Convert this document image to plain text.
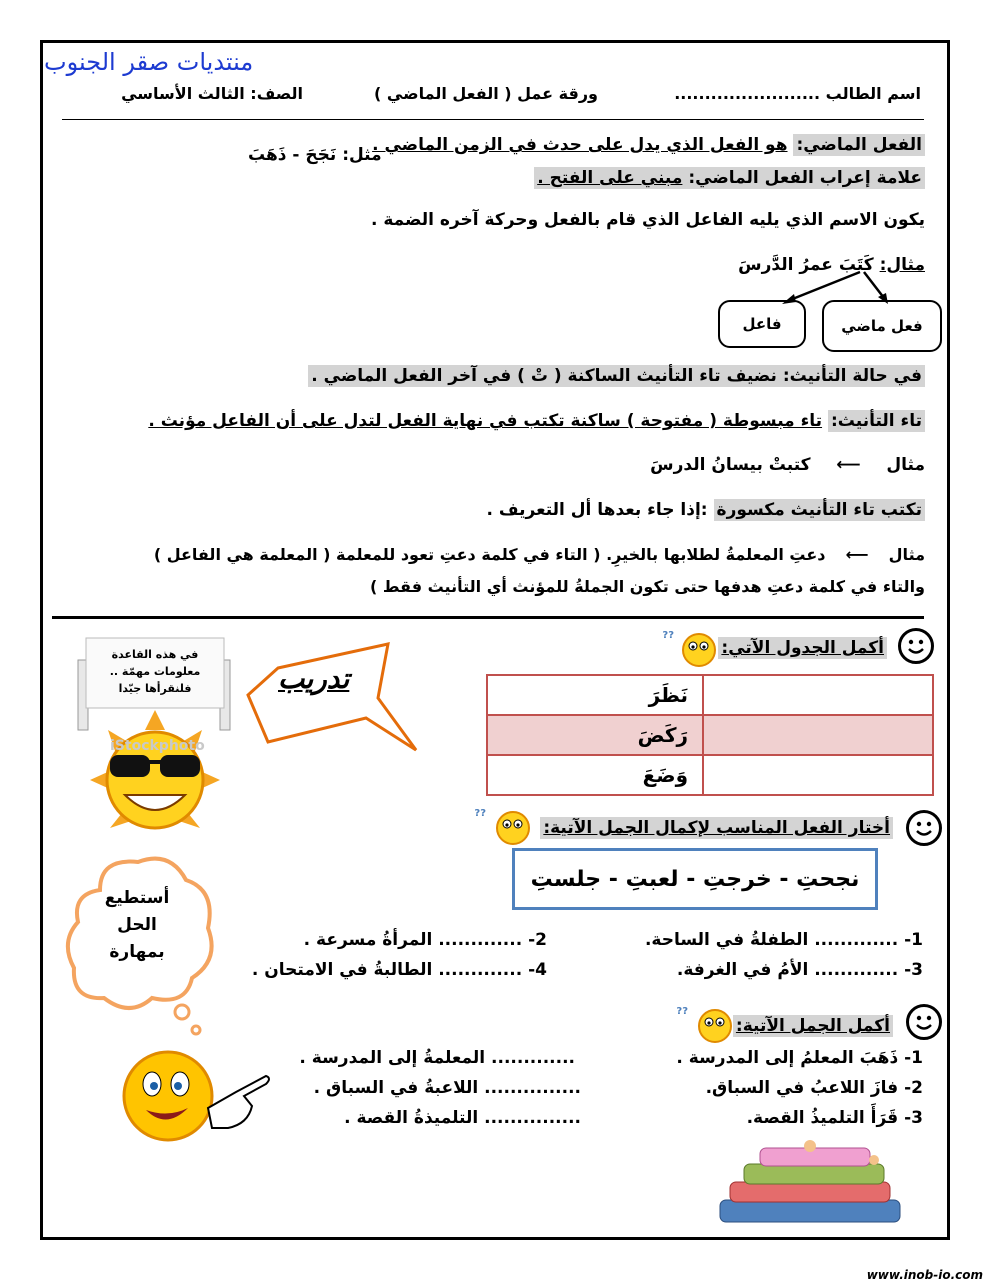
منتديات صقر الجنوب
اسم الطالب ........................
ورقة عمل ( الفعل الماضي )
الصف: الثالث الأساسي
الفعل الماضي: هو الفعل الذي يدل على حدث في الزمن الماضي .
مثل: نَجَحَ - ذَهَبَ
علامة إعراب الفعل الماضي: مبني على الفتح .
يكون الاسم الذي يليه الفاعل الذي قام بالفعل وحركة آخره الضمة .
مثال: كَتَبَ عمرُ الدَّرسَ
فعل ماضي
فاعل
في حالة التأنيث: نضيف تاء التأنيث الساكنة ( تْ ) في آخر الفعل الماضي .
تاء التأنيث: تاء مبسوطة ( مفتوحة ) ساكنة تكتب في نهاية الفعل لتدل على أن الفاعل مؤنث .
مثال ⟵ كتبتْ بيسانُ الدرسَ
تكتب تاء التأنيث مكسورة :إذا جاء بعدها أل التعريف .
مثال ⟵ دعتِ المعلمةُ لطلابها بالخيرِ. ( التاء في كلمة دعتِ تعود للمعلمة ( المعلمة هي الفاعل )
والتاء في كلمة دعتِ هدفها حتى تكون الجملةُ للمؤنث أي التأنيث فقط )
في هذه القاعدة
معلومات مهمّة ..
فلنقرأها جيّدا
iStockphoto
تدريب
أكمل الجدول الآتي:
??
	نَظَرَ
	رَكَضَ
	وَضَعَ
أختار الفعل المناسب لإكمال الجمل الآتية:
??
نجحتِ - خرجتِ - لعبتِ - جلستِ
1- ............. الطفلةُ في الساحة.
2- ............. المرأةُ مسرعة .
3- ............. الأمُ في الغرفة.
4- ............. الطالبةُ في الامتحان .
أستطيع
الحل
بمهارة
أكمل الجمل الآتية:
??
1- ذَهَبَ المعلمُ إلى المدرسة .
2- فازَ اللاعبُ في السباق.
3- قَرَأَ التلميذُ القصة.
............. المعلمةُ إلى المدرسة .
............... اللاعبةُ في السباق .
............... التلميذةُ القصة .
www.inob-io.com
